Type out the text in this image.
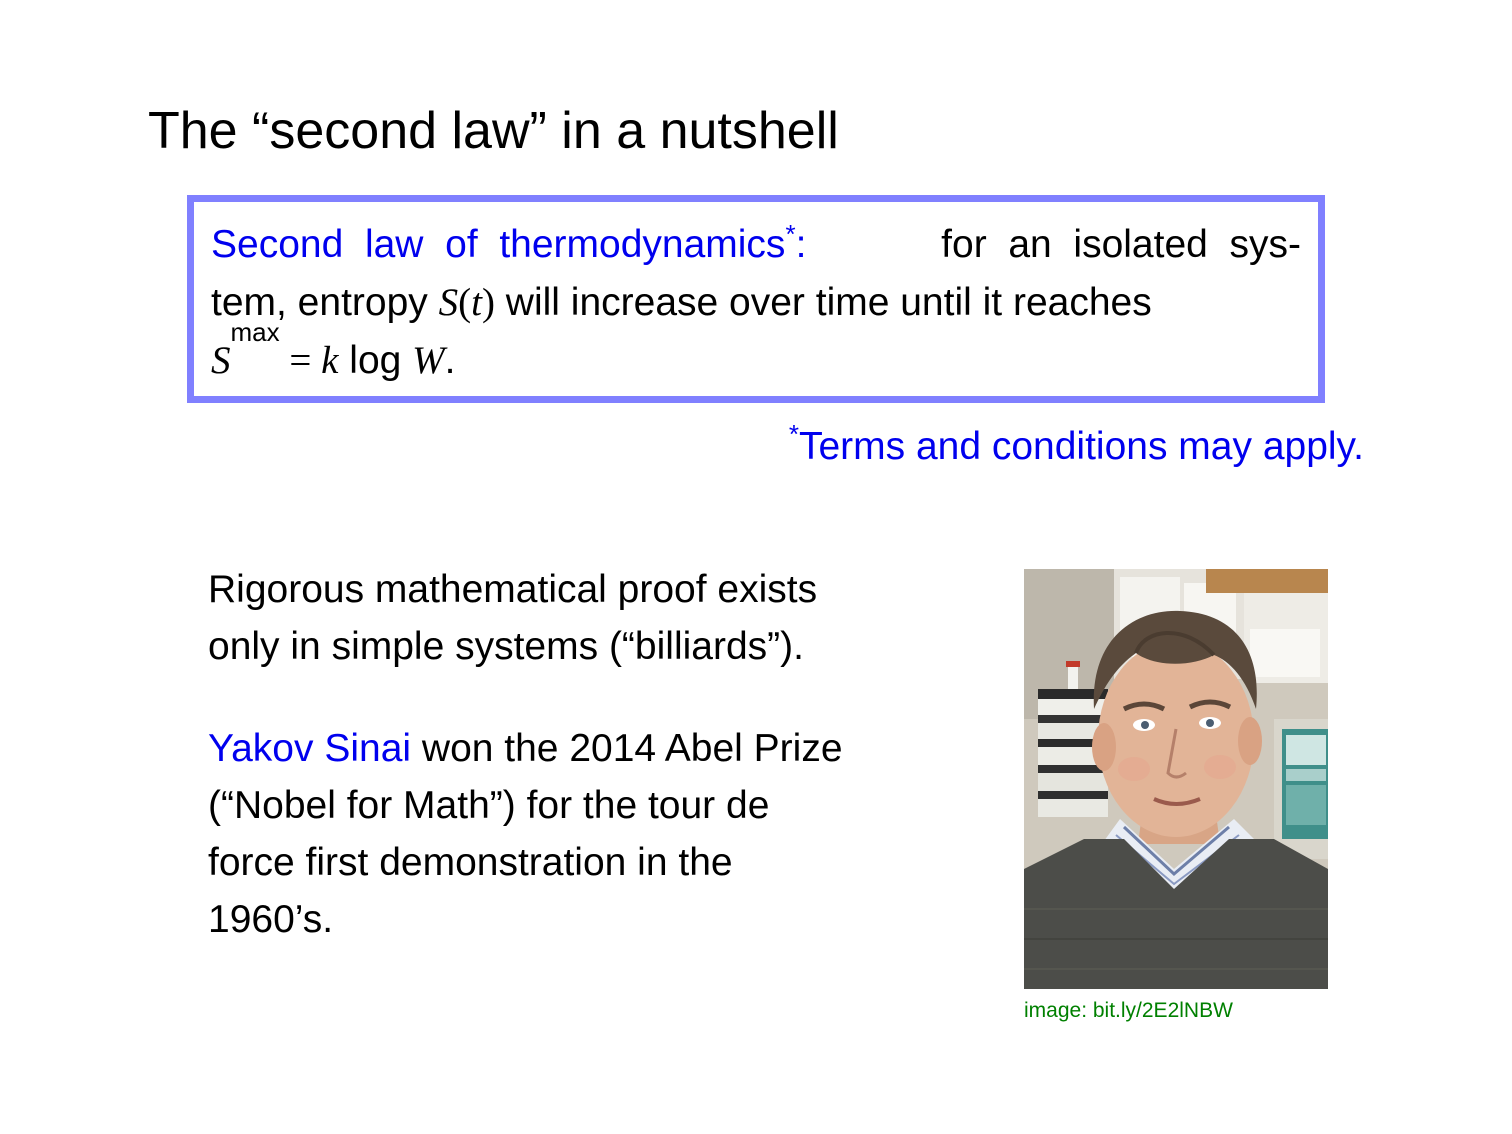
The “second law” in a nutshell
Second  law  of  thermodynamics*:	for  an  isolated  sys-
tem, entropy S(t) will increase over time until it reaches
S
max
= k log W .
*Terms and conditions may apply.
Rigorous mathematical proof exists
only in simple systems (“billiards”).
Yakov Sinai won the 2014 Abel Prize
(“Nobel for Math”) for the tour de
force first demonstration in the
1960’s.
image: bit.ly/2E2lNBW
